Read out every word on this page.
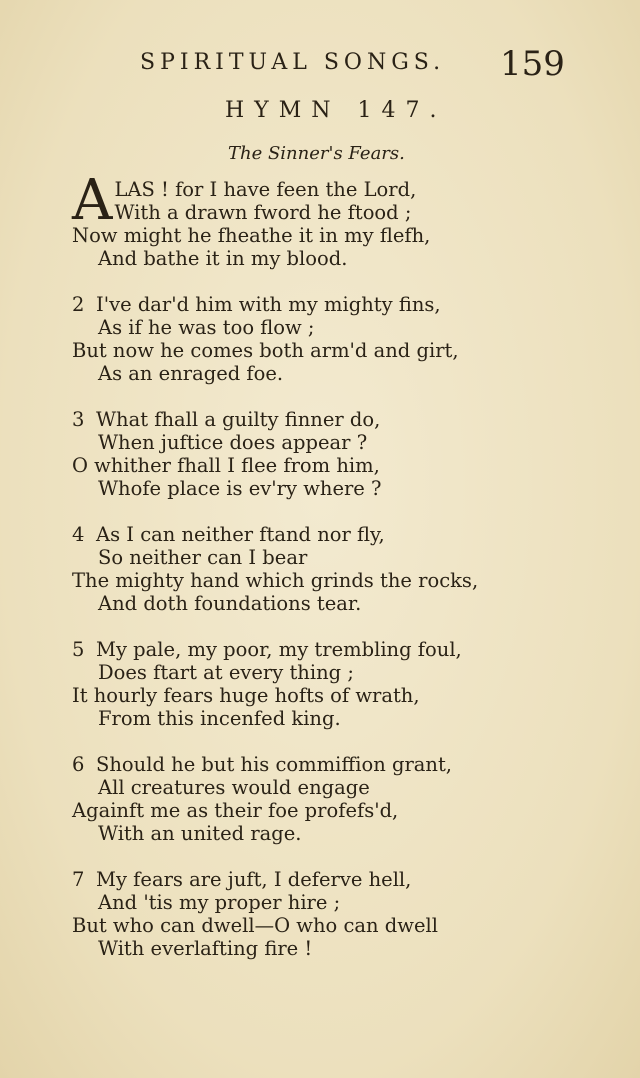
SPIRITUAL SONGS. 159
HYMN 147.
The Sinner's Fears.
A LAS ! for I have feen the Lord,
With a drawn fword he ftood ;
Now might he fheathe it in my flefh,
And bathe it in my blood.
2 I've dar'd him with my mighty fins,
As if he was too flow ;
But now he comes both arm'd and girt,
As an enraged foe.
3 What fhall a guilty finner do,
When juftice does appear ?
O whither fhall I flee from him,
Whofe place is ev'ry where ?
4 As I can neither ftand nor fly,
So neither can I bear
The mighty hand which grinds the rocks,
And doth foundations tear.
5 My pale, my poor, my trembling foul,
Does ftart at every thing ;
It hourly fears huge hofts of wrath,
From this incenfed king.
6 Should he but his commiffion grant,
All creatures would engage
Againft me as their foe profefs'd,
With an united rage.
7 My fears are juft, I deferve hell,
And 'tis my proper hire ;
But who can dwell—O who can dwell
With everlafting fire !
